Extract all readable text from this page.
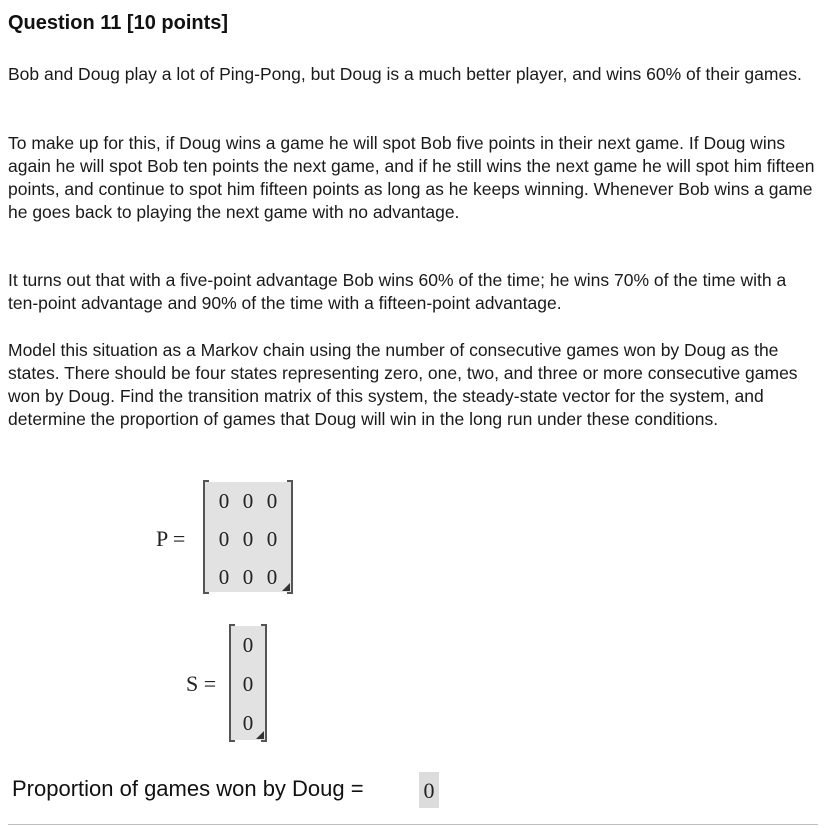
Question 11 [10 points]
Bob and Doug play a lot of Ping-Pong, but Doug is a much better player, and wins 60% of their games.
To make up for this, if Doug wins a game he will spot Bob five points in their next game. If Doug wins again he will spot Bob ten points the next game, and if he still wins the next game he will spot him fifteen points, and continue to spot him fifteen points as long as he keeps winning. Whenever Bob wins a game he goes back to playing the next game with no advantage.
It turns out that with a five-point advantage Bob wins 60% of the time; he wins 70% of the time with a ten-point advantage and 90% of the time with a fifteen-point advantage.
Model this situation as a Markov chain using the number of consecutive games won by Doug as the states. There should be four states representing zero, one, two, and three or more consecutive games won by Doug. Find the transition matrix of this system, the steady-state vector for the system, and determine the proportion of games that Doug will win in the long run under these conditions.
P =
0 0 0
0 0 0
0 0 0
S =
0
0
0
Proportion of games won by Doug =	0
